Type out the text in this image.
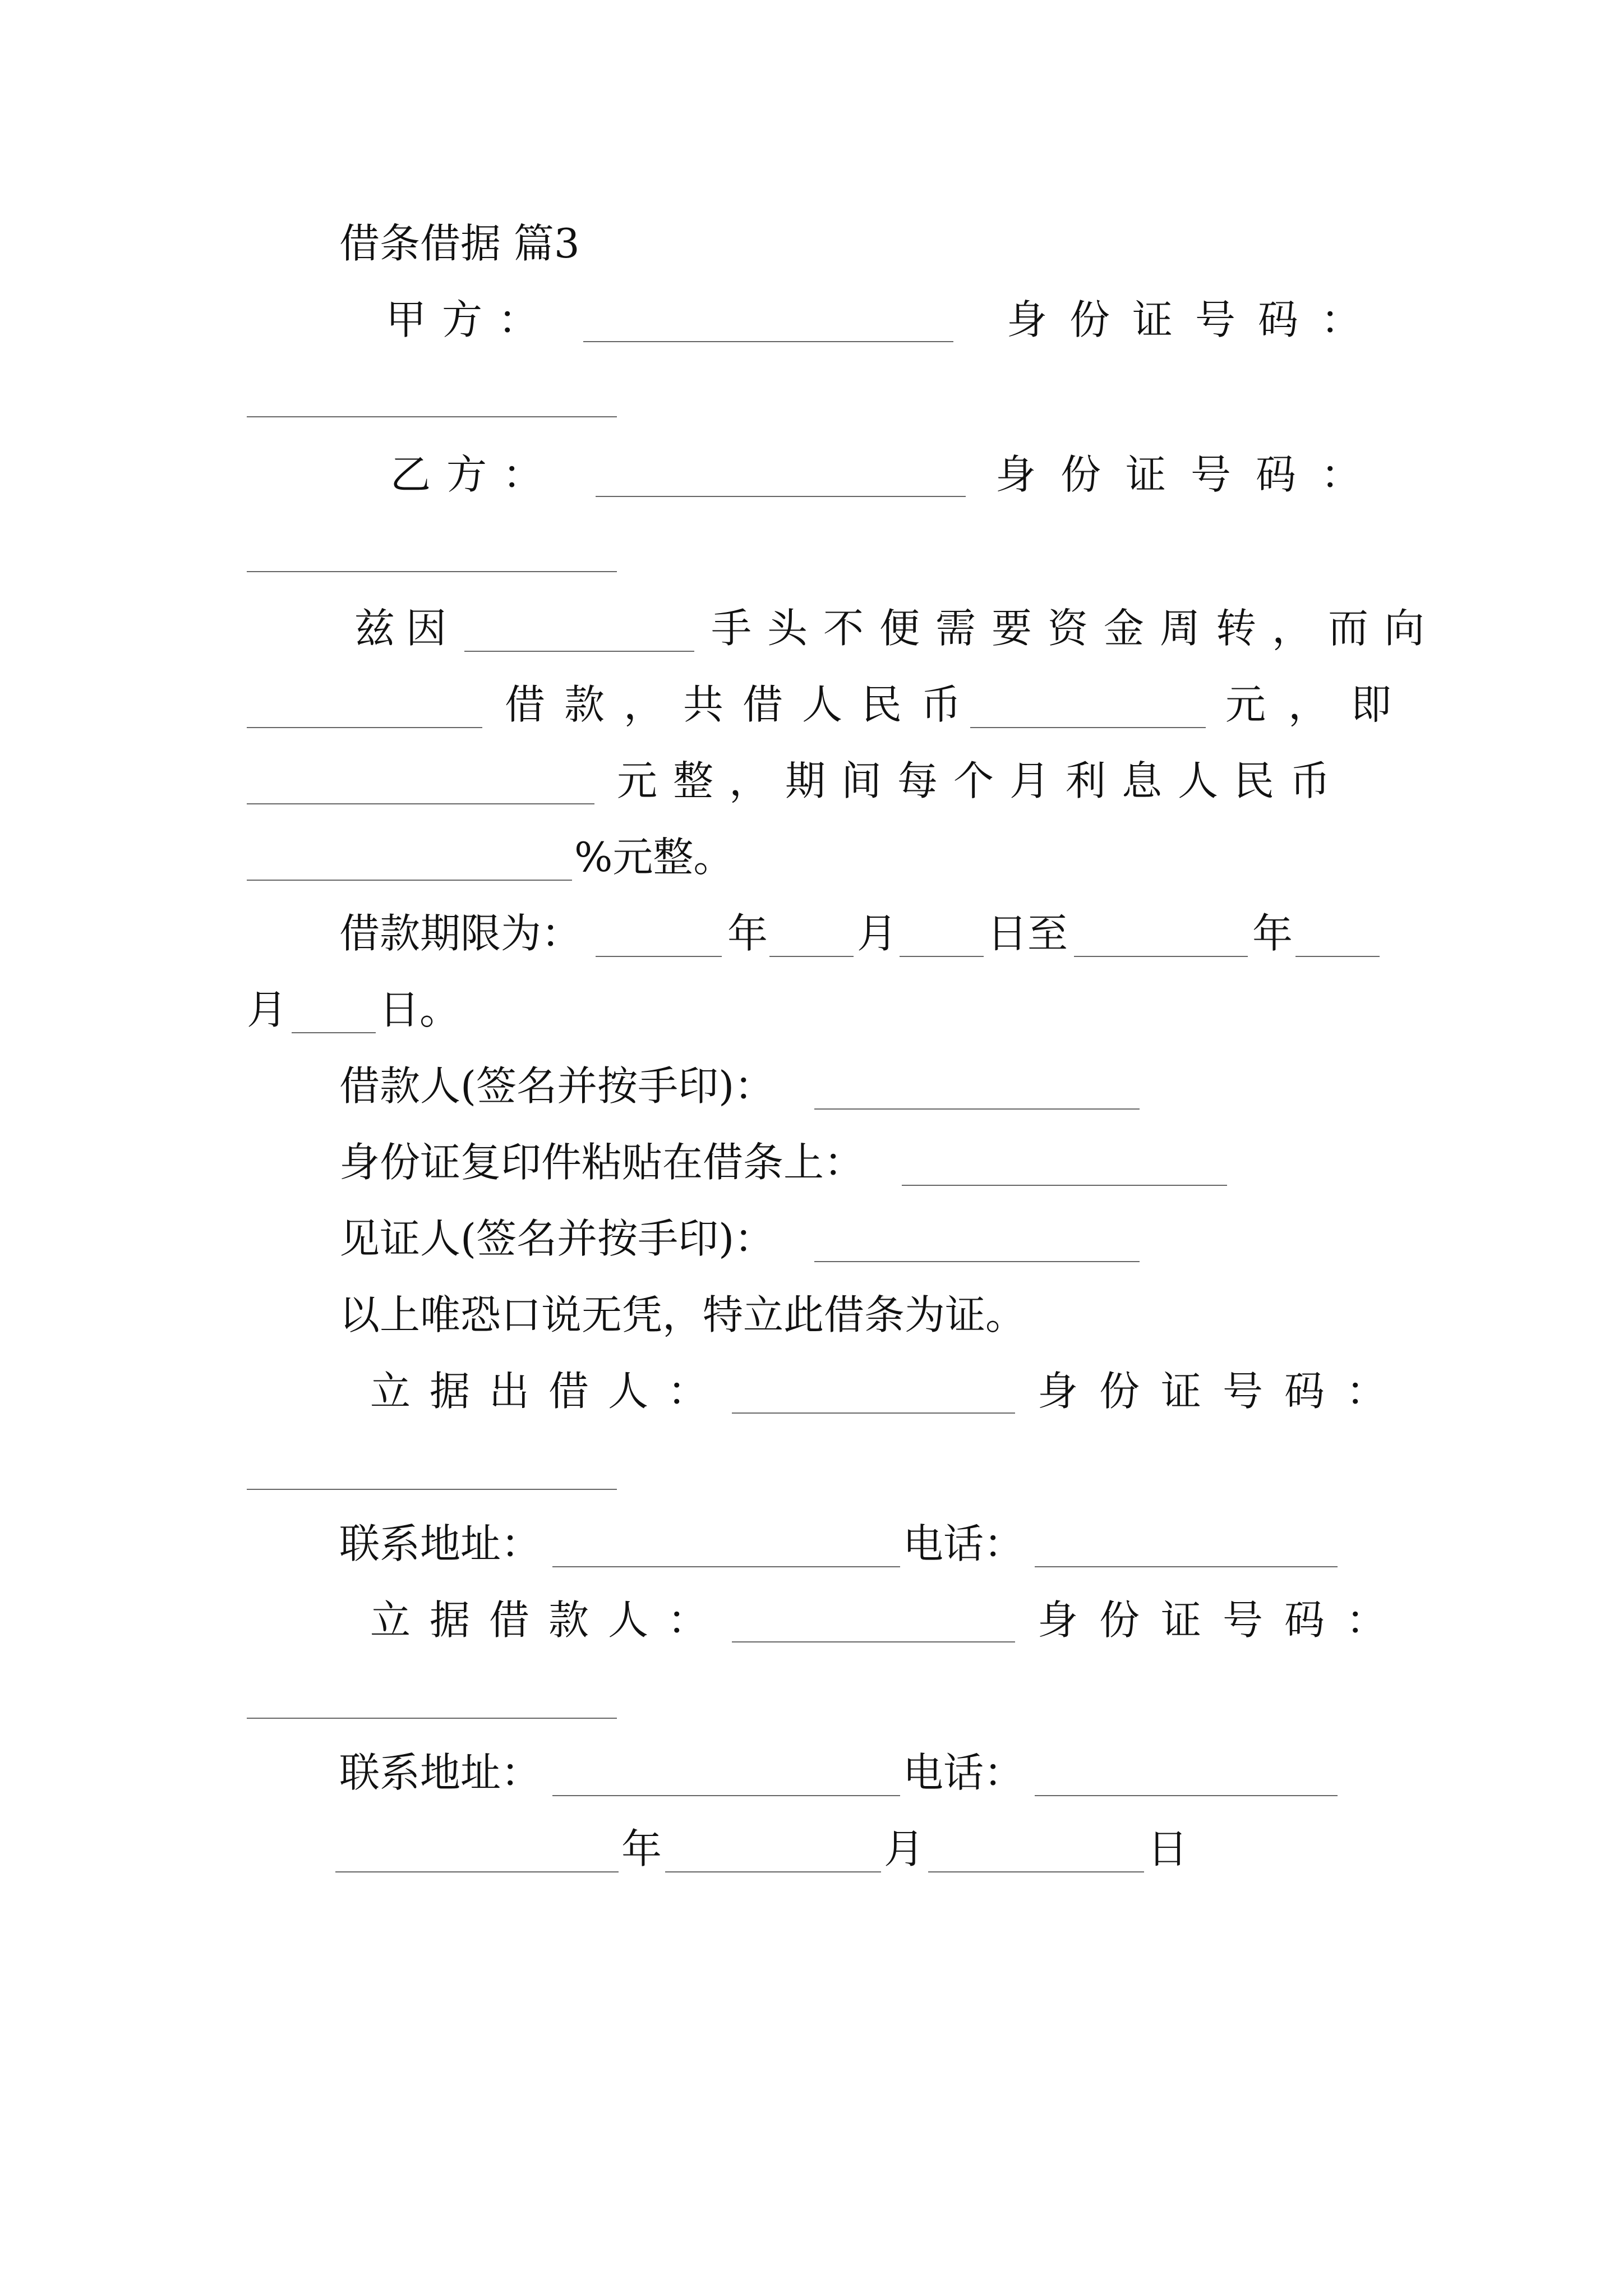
借条借据 篇3
甲方：	身份证号码：
乙方：	身份证号码：
兹因	手头不便需要资金周转，而向
借款，共借人民币	元，即
元整，期间每个月利息人民币
%元整。
借款期限为：	年 月 日至	年
月 日。
借款人(签名并按手印)：
身份证复印件粘贴在借条上：
见证人(签名并按手印)：
以上唯恐口说无凭，特立此借条为证。
立据出借人：	身份证号码：
联系地址：	电话：
立据借款人：	身份证号码：
联系地址：	电话：
年	月	日
